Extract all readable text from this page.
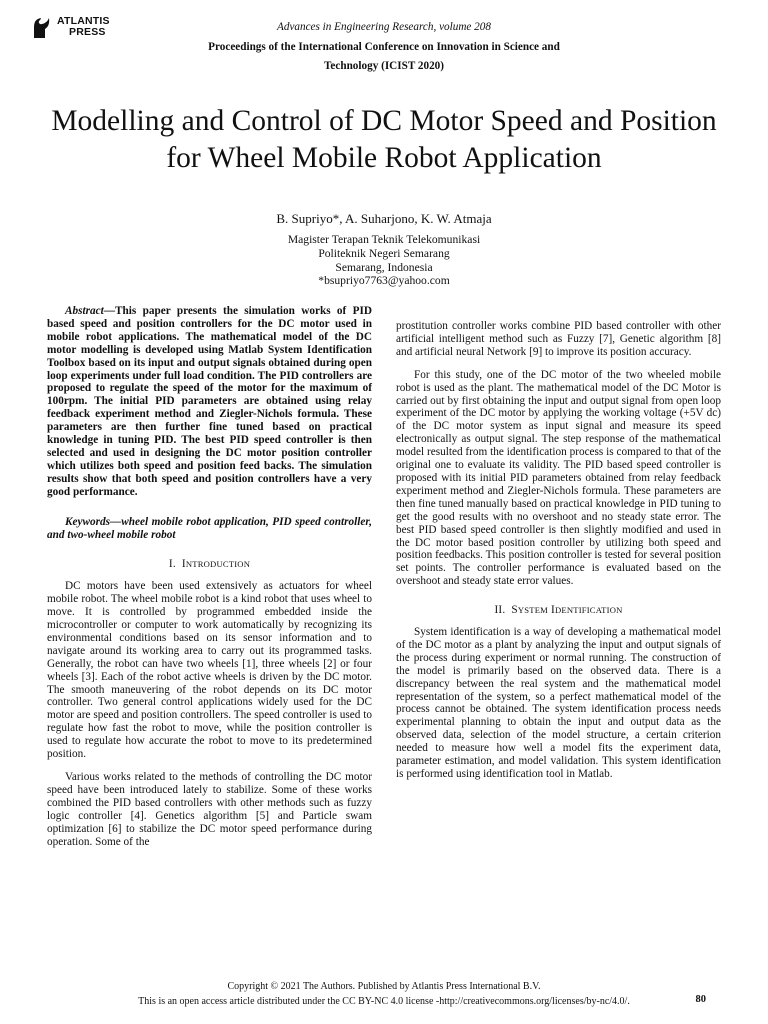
ATLANTIS
PRESS	Advances in Engineering Research, volume 208
Proceedings of the International Conference on Innovation in Science and Technology (ICIST 2020)
Modelling and Control of DC Motor Speed and Position for Wheel Mobile Robot Application
B. Supriyo*, A. Suharjono, K. W. Atmaja
Magister Terapan Teknik Telekomunikasi
Politeknik Negeri Semarang
Semarang, Indonesia
*bsupriyo7763@yahoo.com

Abstract—This paper presents the simulation works of PID based speed and position controllers for the DC motor used in mobile robot applications. The mathematical model of the DC motor modelling is developed using Matlab System Identification Toolbox based on its input and output signals obtained during open loop experiments under full load condition. The PID controllers are proposed to regulate the speed of the motor for the maximum of 100rpm. The initial PID parameters are obtained using relay feedback experiment method and Ziegler-Nichols formula. These parameters are then further fine tuned based on practical knowledge in tuning PID. The best PID speed controller is then selected and used in designing the DC motor position controller which utilizes both speed and position feed backs. The simulation results show that both speed and position controllers have a very good performance.

Keywords—wheel mobile robot application, PID speed controller, and two-wheel mobile robot

I. INTRODUCTION

DC motors have been used extensively as actuators for wheel mobile robot. The wheel mobile robot is a kind robot that uses wheel to move. It is controlled by programmed embedded inside the microcontroller or computer to work automatically by recognizing its environmental conditions based on its sensor information and to navigate around its working area to carry out its programmed tasks. Generally, the robot can have two wheels [1], three wheels [2] or four wheels [3]. Each of the robot active wheels is driven by the DC motor. The smooth maneuvering of the robot depends on its DC motor controller. Two general control applications widely used for the DC motor are speed and position controllers. The speed controller is used to regulate how fast the robot to move, while the position controller is used to regulate how accurate the robot to move to its predetermined position.

Various works related to the methods of controlling the DC motor speed have been introduced lately to stabilize. Some of these works combined the PID based controllers with other methods such as fuzzy logic controller [4]. Genetics algorithm [5] and Particle swam optimization [6] to stabilize the DC motor speed performance during operation. Some of the

prostitution controller works combine PID based controller with other artificial intelligent method such as Fuzzy [7], Genetic algorithm [8] and artificial neural Network [9] to improve its position accuracy.

For this study, one of the DC motor of the two wheeled mobile robot is used as the plant. The mathematical model of the DC Motor is carried out by first obtaining the input and output signal from open loop experiment of the DC motor by applying the working voltage (+5V dc) of the DC motor system as input signal and measure its speed electronically as output signal. The step response of the mathematical model resulted from the identification process is compared to that of the original one to evaluate its validity. The PID based speed controller is proposed with its initial PID parameters obtained from relay feedback experiment method and Ziegler-Nichols formula. These parameters are then fine tuned manually based on practical knowledge in PID tuning to get the good results with no overshoot and no steady state error. The best PID based speed controller is then slightly modified and used in the DC motor based position controller by utilizing both speed and position feedbacks. This position controller is tested for several position set points. The controller performance is evaluated based on the overshoot and steady state error values.

II. SYSTEM IDENTIFICATION

System identification is a way of developing a mathematical model of the DC motor as a plant by analyzing the input and output signals of the process during experiment or normal running. The construction of the model is primarily based on the observed data. There is a discrepancy between the real system and the mathematical model representation of the system, so a perfect mathematical model of the process cannot be obtained. The system identification process needs experimental planning to obtain the input and output data as the observed data, selection of the model structure, a certain criterion needed to measure how well a model fits the experiment data, parameter estimation, and model validation. This system identification is performed using identification tool in Matlab.

Copyright © 2021 The Authors. Published by Atlantis Press International B.V.
This is an open access article distributed under the CC BY-NC 4.0 license -http://creativecommons.org/licenses/by-nc/4.0/.	80
